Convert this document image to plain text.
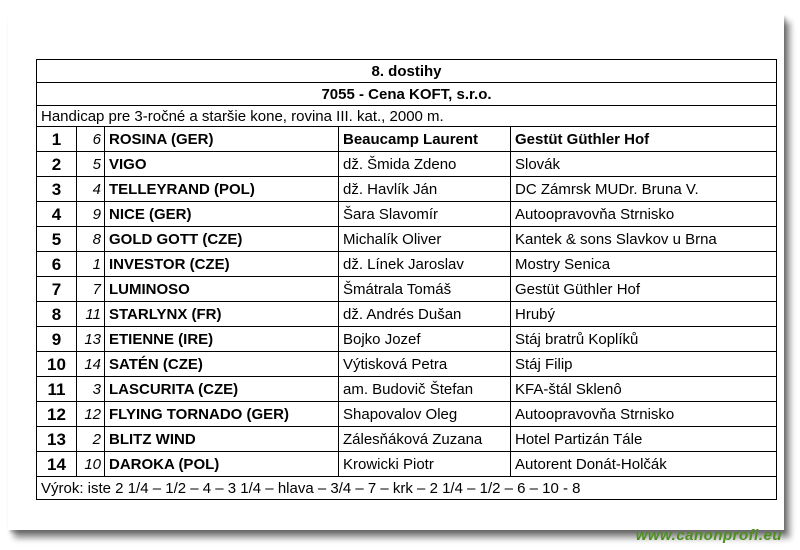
8. dostihy				
7055 - Cena KOFT, s.r.o.				
Handicap pre 3-ročné a staršie kone, rovina III. kat., 2000 m.				
1	6	ROSINA (GER)	Beaucamp Laurent	Gestüt Güthler Hof
2	5	VIGO	dž. Šmida Zdeno	Slovák
3	4	TELLEYRAND (POL)	dž. Havlík Ján	DC Zámrsk MUDr. Bruna V.
4	9	NICE (GER)	Šara Slavomír	Autoopravovňa Strnisko
5	8	GOLD GOTT (CZE)	Michalík Oliver	Kantek & sons Slavkov u Brna
6	1	INVESTOR (CZE)	dž. Línek Jaroslav	Mostry Senica
7	7	LUMINOSO	Šmátrala Tomáš	Gestüt Güthler Hof
8	11	STARLYNX (FR)	dž. Andrés Dušan	Hrubý
9	13	ETIENNE (IRE)	Bojko Jozef	Stáj bratrů Koplíků
10	14	SATÉN (CZE)	Výtisková Petra	Stáj Filip
11	3	LASCURITA (CZE)	am. Budovič Štefan	KFA-štál Sklenô
12	12	FLYING TORNADO (GER)	Shapovalov Oleg	Autoopravovňa Strnisko
13	2	BLITZ WIND	Zálesňáková Zuzana	Hotel Partizán Tále
14	10	DAROKA (POL)	Krowicki Piotr	Autorent Donát-Holčák
Výrok: iste 2 1/4 – 1/2 – 4 – 3 1/4 – hlava – 3/4 – 7 – krk – 2 1/4 – 1/2 – 6 – 10 - 8				
www.canonprofi.eu
